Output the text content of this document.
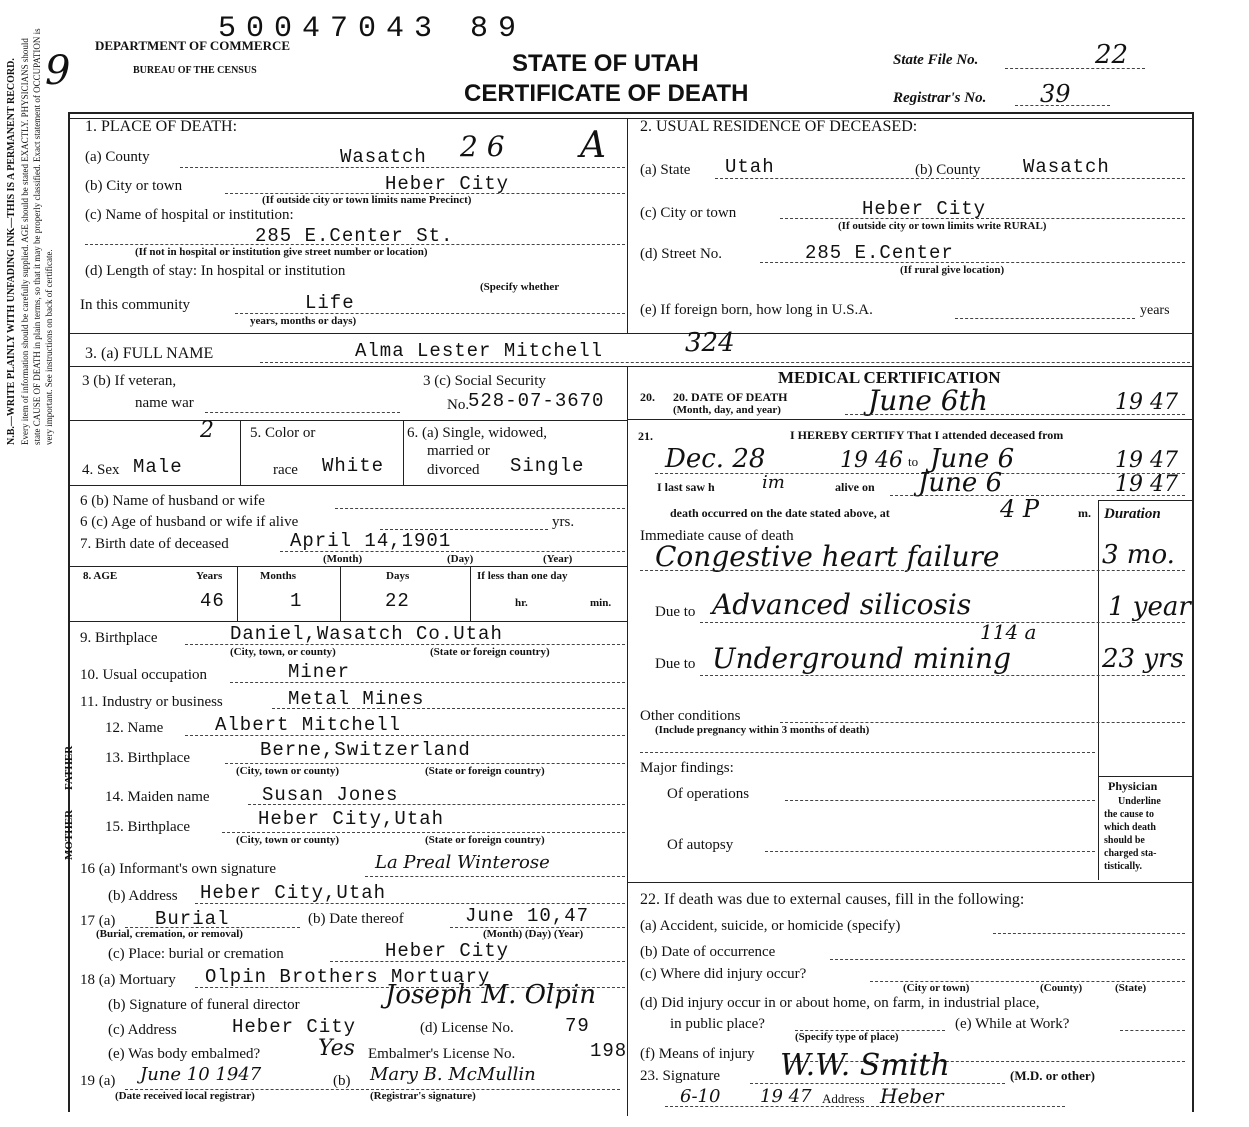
50047043 89
9
DEPARTMENT OF COMMERCE
BUREAU OF THE CENSUS	STATE OF UTAH
CERTIFICATE OF DEATH
State File No.	22
Registrar's No. 39
N.B.—WRITE PLAINLY WITH UNFADING INK—THIS IS A PERMANENT RECORD. Every item of information should be carefully supplied. AGE should be stated EXACTLY. PHYSICIANS should state CAUSE OF DEATH in plain terms, so that it may be properly classified. Exact statement of OCCUPATION is very important. See instructions on back of certificate.
1. PLACE OF DEATH:
(a) County	Wasatch 2 6 A
(b) City or town	Heber City
(If outside city or town limits name Precinct)
(c) Name of hospital or institution:
285 E.Center St.
(If not in hospital or institution give street number or location)
(d) Length of stay: In hospital or institution
(Specify whether
In this community	Life
years, months or days)
2. USUAL RESIDENCE OF DECEASED:
(a) State Utah	(b) County Wasatch
(c) City or town	Heber City
(If outside city or town limits write RURAL)
(d) Street No.	285 E.Center
(If rural give location)
(e) If foreign born, how long in U.S.A.	years
3. (a) FULL NAME	Alma Lester Mitchell	324
3 (b) If veteran,
name war
3 (c) Social Security
No.
528-07-3670
4. Sex Male
2 5. Color or
race White
6. (a) Single, widowed,
married or
divorced Single
6 (b) Name of husband or wife
6 (c) Age of husband or wife if alive	yrs.
7. Birth date of deceased	April 14,1901
(Month)	(Day)	(Year)
8. AGE	Years	Months	Days	If less than one day
46	1	22	hr.	min.
9. Birthplace	Daniel,Wasatch Co.Utah
(City, town, or county)	(State or foreign country)
10. Usual occupation	Miner
11. Industry or business	Metal Mines
FATHER
MOTHER
12. Name	Albert Mitchell
13. Birthplace	Berne,Switzerland
(City, town or county)	(State or foreign country)
14. Maiden name	Susan Jones
15. Birthplace	Heber City,Utah
(City, town or county)	(State or foreign country)
16 (a) Informant's own signature	La Preal Winterose
(b) Address Heber City,Utah
17 (a) Burial	(b) Date thereof	June 10,47
(Burial, cremation, or removal)	(Month) (Day) (Year)
(c) Place: burial or cremation	Heber City
18 (a) Mortuary Olpin Brothers Mortuary
(b) Signature of funeral director	Joseph M. Olpin
(c) Address	Heber City	(d) License No.	79
(e) Was body embalmed?	Yes Embalmer's License No.	198
19 (a) June 10 1947	(b) Mary B. McMullin
(Date received local registrar)	(Registrar's signature)
MEDICAL CERTIFICATION
20. 20. DATE OF DEATH
(Month, day, and year)	June 6th	19 47
21.	I HEREBY CERTIFY That I attended deceased from
Dec. 28	19 46 to June 6	19 47
I last saw h	im	alive on June 6	19 47
death occurred on the date stated above, at	4 P	m. Duration
Immediate cause of death
Congestive heart failure	3 mo.
Due to Advanced silicosis	1 year
114 a
Due to Underground mining	23 yrs
Other conditions
(Include pregnancy within 3 months of death)
Major findings:
Of operations
Of autopsy
Physician
Underline
the cause to
which death
should be
charged sta-
tistically.
22. If death was due to external causes, fill in the following:
(a) Accident, suicide, or homicide (specify)
(b) Date of occurrence
(c) Where did injury occur?
(City or town)	(County)	(State)
(d) Did injury occur in or about home, on farm, in industrial place,
in public place?	(e) While at Work?
(Specify type of place)
(f) Means of injury
23. Signature W.W. Smith	(M.D. or other)
6-10 19 47 Address Heber
